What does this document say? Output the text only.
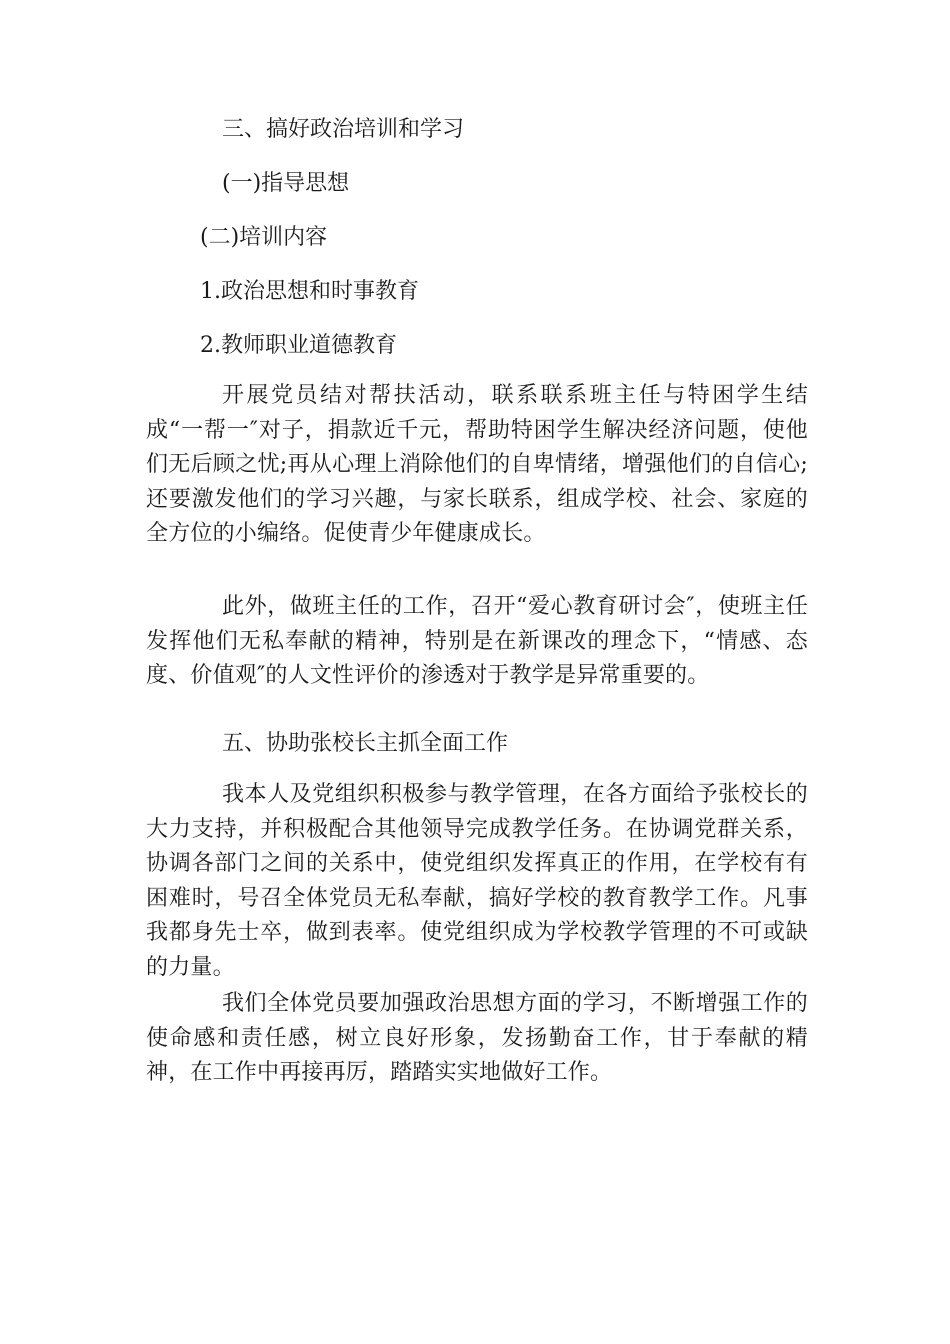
三、搞好政治培训和学习

(一)指导思想

(二)培训内容

1.政治思想和时事教育

2.教师职业道德教育

开展党员结对帮扶活动，联系联系班主任与特困学生结成“一帮一″对子，捐款近千元，帮助特困学生解决经济问题，使他们无后顾之忧;再从心理上消除他们的自卑情绪，增强他们的自信心;还要激发他们的学习兴趣，与家长联系，组成学校、社会、家庭的全方位的小编络。促使青少年健康成长。

此外，做班主任的工作，召开“爱心教育研讨会″，使班主任发挥他们无私奉献的精神，特别是在新课改的理念下，“情感、态度、价值观″的人文性评价的渗透对于教学是异常重要的。

五、协助张校长主抓全面工作

我本人及党组织积极参与教学管理，在各方面给予张校长的大力支持，并积极配合其他领导完成教学任务。在协调党群关系，协调各部门之间的关系中，使党组织发挥真正的作用，在学校有有困难时，号召全体党员无私奉献，搞好学校的教育教学工作。凡事我都身先士卒，做到表率。使党组织成为学校教学管理的不可或缺的力量。

我们全体党员要加强政治思想方面的学习，不断增强工作的使命感和责任感，树立良好形象，发扬勤奋工作，甘于奉献的精神，在工作中再接再厉，踏踏实实地做好工作。
